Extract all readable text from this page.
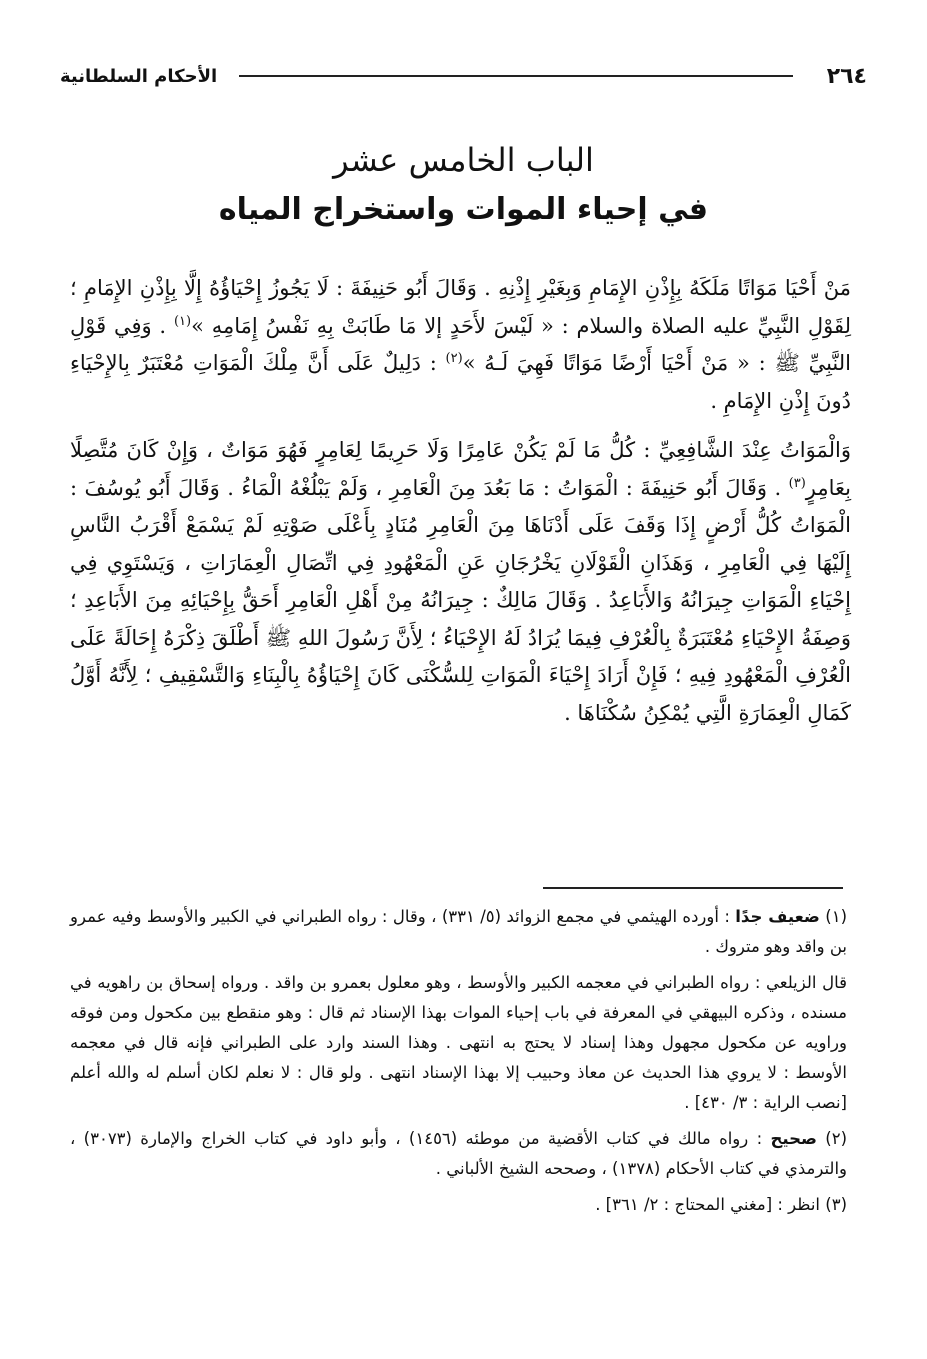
٢٦٤
الأحكام السلطانية
الباب الخامس عشر
في إحياء الموات واستخراج المياه

مَنْ أَحْيَا مَوَاتًا مَلَكَهُ بِإِذْنِ الإِمَامِ وَبِغَيْرِ إِذْنِهِ . وَقَالَ أَبُو حَنِيفَةَ : لَا يَجُوزُ إِحْيَاؤُهُ إِلَّا بِإِذْنِ الإِمَامِ ؛ لِقَوْلِ النَّبِيِّ عليه الصلاة والسلام : « لَيْسَ لأَحَدٍ إلا مَا طَابَتْ بِهِ نَفْسُ إِمَامِهِ »$^{(١)}$ . وَفِي قَوْلِ النَّبِيِّ ﷺ : « مَنْ أَحْيَا أَرْضًا مَوَاتًا فَهِيَ لَـهُ »$^{(٢)}$ : دَلِيلٌ عَلَى أَنَّ مِلْكَ الْمَوَاتِ مُعْتَبَرٌ بِالإِحْيَاءِ دُونَ إِذْنِ الإِمَامِ .

وَالْمَوَاتُ عِنْدَ الشَّافِعِيِّ : كُلُّ مَا لَمْ يَكُنْ عَامِرًا وَلَا حَرِيمًا لِعَامِرٍ فَهُوَ مَوَاتٌ ، وَإِنْ كَانَ مُتَّصِلًا بِعَامِرٍ$^{(٣)}$ . وَقَالَ أَبُو حَنِيفَةَ : الْمَوَاتُ : مَا بَعُدَ مِنَ الْعَامِرِ ، وَلَمْ يَبْلُغْهُ الْمَاءُ . وَقَالَ أَبُو يُوسُفَ : الْمَوَاتُ كُلُّ أَرْضٍ إِذَا وَقَفَ عَلَى أَدْنَاهَا مِنَ الْعَامِرِ مُنَادٍ بِأَعْلَى صَوْتِهِ لَمْ يَسْمَعْ أَقْرَبُ النَّاسِ إِلَيْهَا فِي الْعَامِرِ ، وَهَذَانِ الْقَوْلَانِ يَخْرُجَانِ عَنِ الْمَعْهُودِ فِي اتِّصَالِ الْعِمَارَاتِ ، وَيَسْتَوِي فِي إِحْيَاءِ الْمَوَاتِ جِيرَانُهُ وَالأَبَاعِدُ . وَقَالَ مَالِكٌ : جِيرَانُهُ مِنْ أَهْلِ الْعَامِرِ أَحَقُّ بِإِحْيَائِهِ مِنَ الأَبَاعِدِ ؛ وَصِفَةُ الإِحْيَاءِ مُعْتَبَرَةٌ بِالْعُرْفِ فِيمَا يُرَادُ لَهُ الإِحْيَاءُ ؛ لِأَنَّ رَسُولَ اللهِ ﷺ أَطْلَقَ ذِكْرَهُ إِحَالَةً عَلَى الْعُرْفِ الْمَعْهُودِ فِيهِ ؛ فَإِنْ أَرَادَ إِحْيَاءَ الْمَوَاتِ لِلسُّكْنَى كَانَ إِحْيَاؤُهُ بِالْبِنَاءِ وَالتَّسْقِيفِ ؛ لِأَنَّهُ أَوَّلُ كَمَالِ الْعِمَارَةِ الَّتِي يُمْكِنُ سُكْنَاهَا .

(١) ضعيف جدًا : أورده الهيثمي في مجمع الزوائد (٥/ ٣٣١) ، وقال : رواه الطبراني في الكبير والأوسط وفيه عمرو بن واقد وهو متروك .

قال الزيلعي : رواه الطبراني في معجمه الكبير والأوسط ، وهو معلول بعمرو بن واقد . ورواه إسحاق بن راهويه في مسنده ، وذكره البيهقي في المعرفة في باب إحياء الموات بهذا الإسناد ثم قال : وهو منقطع بين مكحول ومن فوقه وراويه عن مكحول مجهول وهذا إسناد لا يحتج به انتهى . وهذا السند وارد على الطبراني فإنه قال في معجمه الأوسط : لا يروي هذا الحديث عن معاذ وحبيب إلا بهذا الإسناد انتهى . ولو قال : لا نعلم لكان أسلم له والله أعلم [نصب الراية : ٣/ ٤٣٠] .

(٢) صحيح : رواه مالك في كتاب الأقضية من موطئه (١٤٥٦) ، وأبو داود في كتاب الخراج والإمارة (٣٠٧٣) ، والترمذي في كتاب الأحكام (١٣٧٨) ، وصححه الشيخ الألباني .

(٣) انظر : [مغني المحتاج : ٢/ ٣٦١] .
